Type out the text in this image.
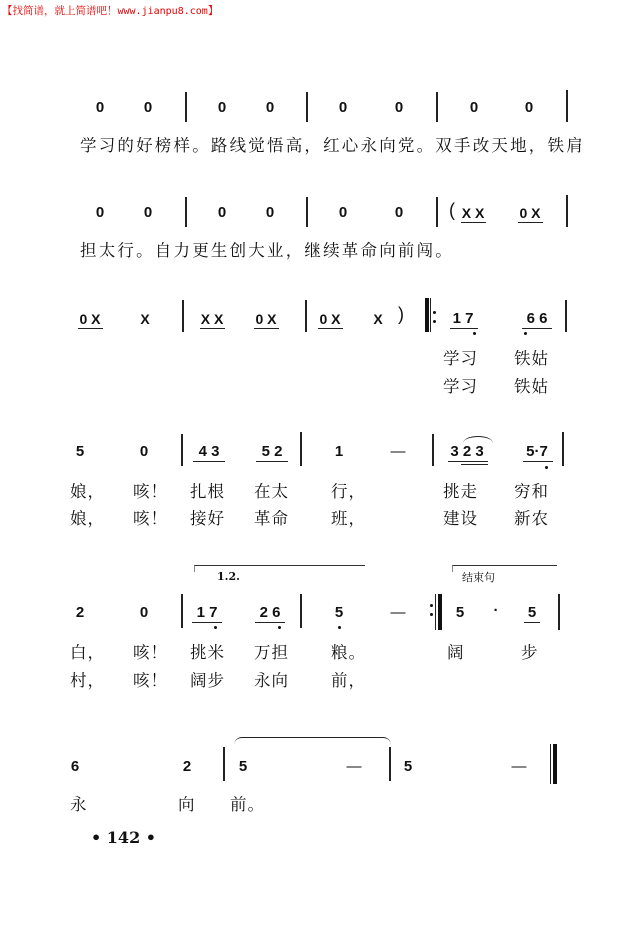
【找简谱，就上简谱吧！www.jianpu8.com】
0	0	0	0	0	0	0	0
学习的好榜样。路线觉悟高，红心永向党。双手改天地，铁肩
0	0	0	0	0	0	( X X	0 X
担太行。自力更生创大业，继续革命向前闯。
0 X	X	X X 0 X	0 X X )	1 7	6 6
学习 铁姑
学习 铁姑
5	0	4 3	5 2	1	—	3 2 3	5·7
娘， 咳！ 扎根 在太	行，	挑走 穷和
娘， 咳！ 接好 革命	班，	建设 新农
1.2.	结束句
2	0	1 7	2 6	5	—	5 · 5
白， 咳！ 挑米 万担	粮。	阔	步
村， 咳！ 阔步 永向	前，
6	2	5	—	5	—
永	向 前。
• 142 •
